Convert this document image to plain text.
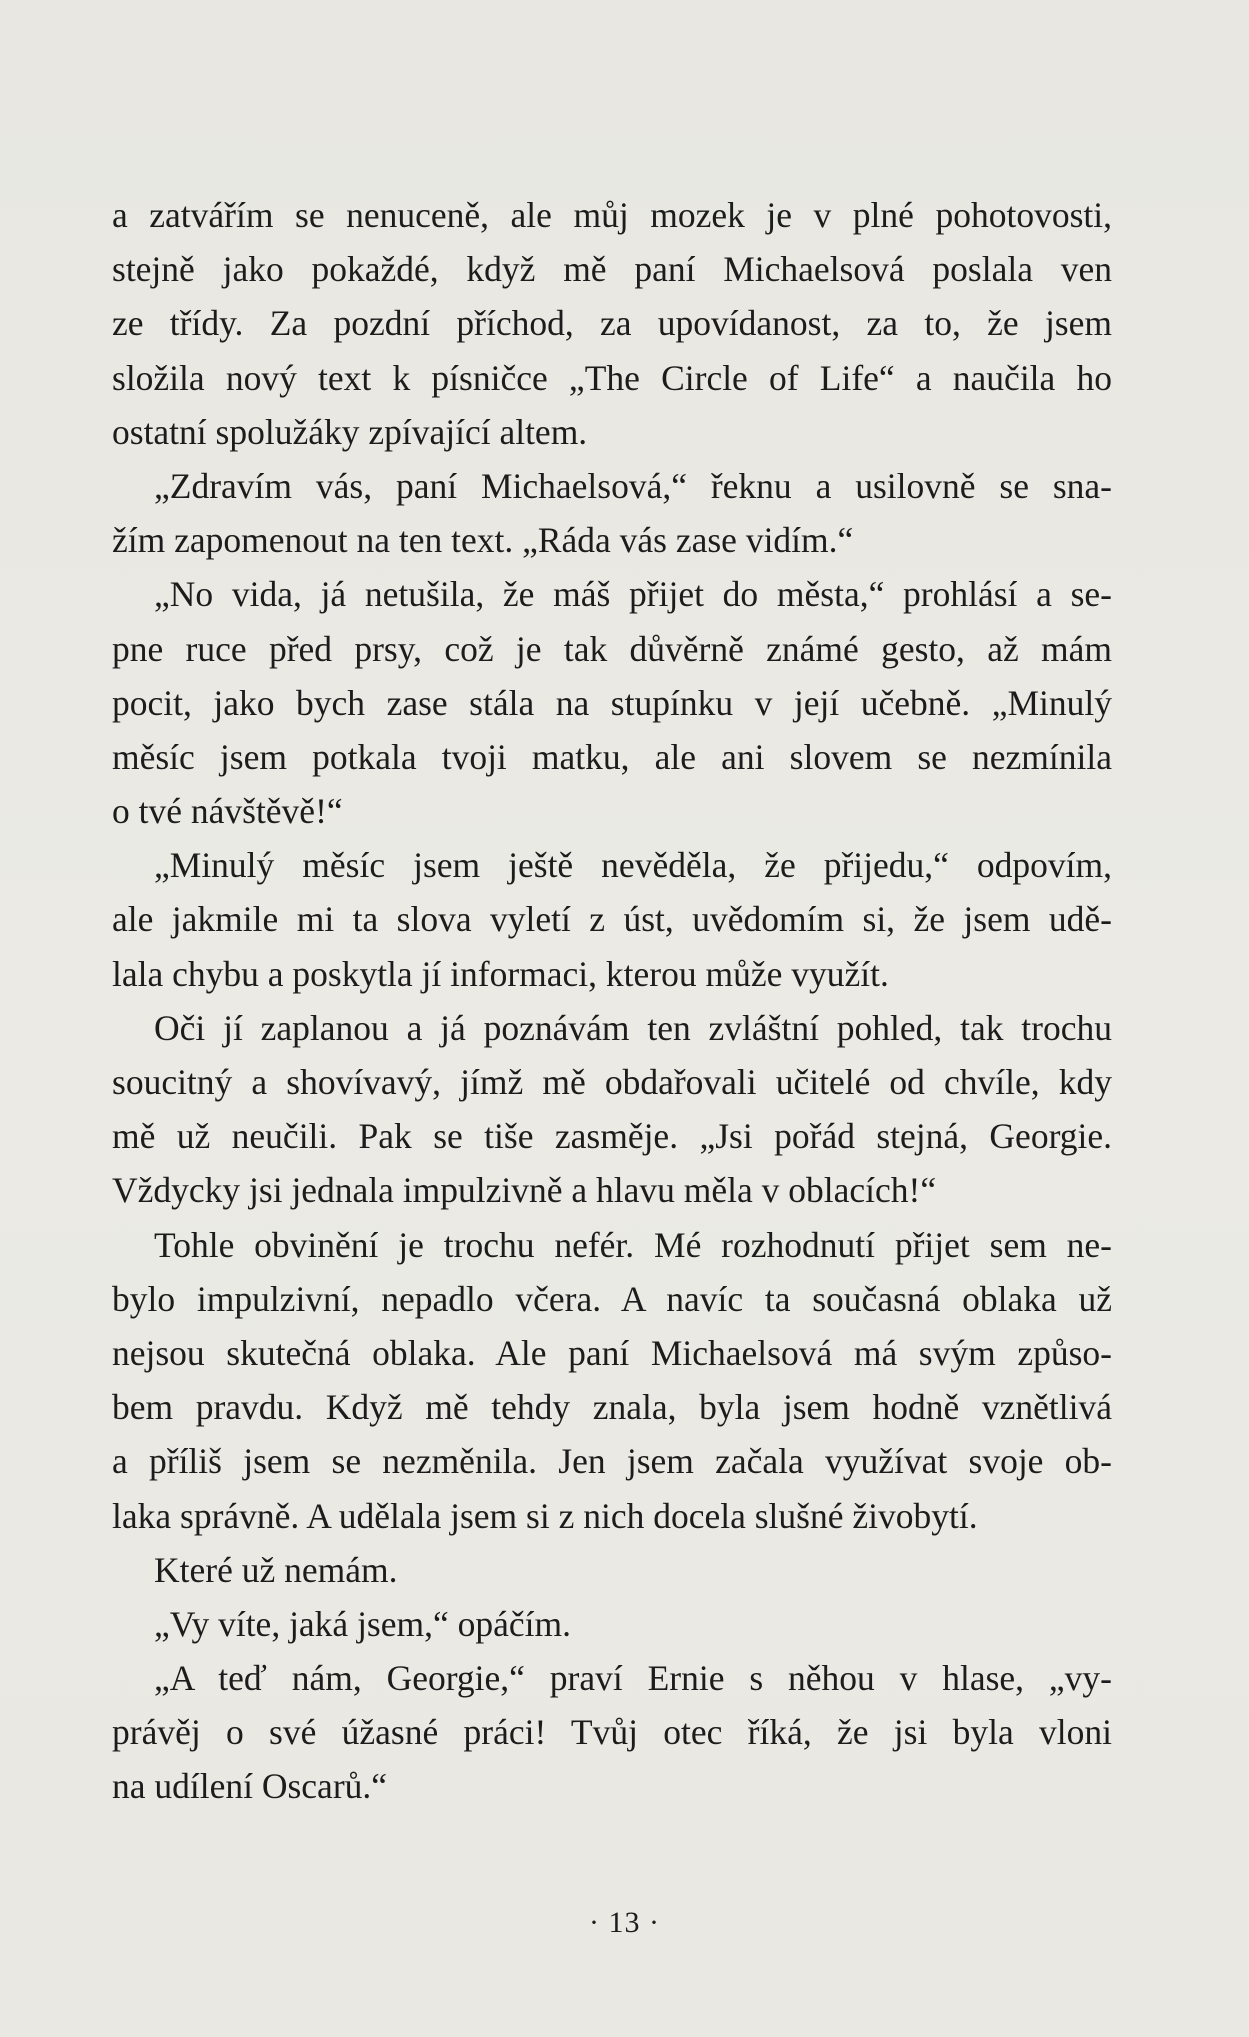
a zatvářím se nenuceně, ale můj mozek je v plné pohotovosti,
stejně jako pokaždé, když mě paní Michaelsová poslala ven
ze třídy. Za pozdní příchod, za upovídanost, za to, že jsem
složila nový text k písničce „The Circle of Life“ a naučila ho
ostatní spolužáky zpívající altem.
„Zdravím vás, paní Michaelsová,“ řeknu a usilovně se sna-
žím zapomenout na ten text. „Ráda vás zase vidím.“
„No vida, já netušila, že máš přijet do města,“ prohlásí a se-
pne ruce před prsy, což je tak důvěrně známé gesto, až mám
pocit, jako bych zase stála na stupínku v její učebně. „Minulý
měsíc jsem potkala tvoji matku, ale ani slovem se nezmínila
o tvé návštěvě!“
„Minulý měsíc jsem ještě nevěděla, že přijedu,“ odpovím,
ale jakmile mi ta slova vyletí z úst, uvědomím si, že jsem udě-
lala chybu a poskytla jí informaci, kterou může využít.
Oči jí zaplanou a já poznávám ten zvláštní pohled, tak trochu
soucitný a shovívavý, jímž mě obdařovali učitelé od chvíle, kdy
mě už neučili. Pak se tiše zasměje. „Jsi pořád stejná, Georgie.
Vždycky jsi jednala impulzivně a hlavu měla v oblacích!“
Tohle obvinění je trochu nefér. Mé rozhodnutí přijet sem ne-
bylo impulzivní, nepadlo včera. A navíc ta současná oblaka už
nejsou skutečná oblaka. Ale paní Michaelsová má svým způso-
bem pravdu. Když mě tehdy znala, byla jsem hodně vznětlivá
a příliš jsem se nezměnila. Jen jsem začala využívat svoje ob-
laka správně. A udělala jsem si z nich docela slušné živobytí.
Které už nemám.
„Vy víte, jaká jsem,“ opáčím.
„A teď nám, Georgie,“ praví Ernie s něhou v hlase, „vy-
právěj o své úžasné práci! Tvůj otec říká, že jsi byla vloni
na udílení Oscarů.“
· 13 ·
